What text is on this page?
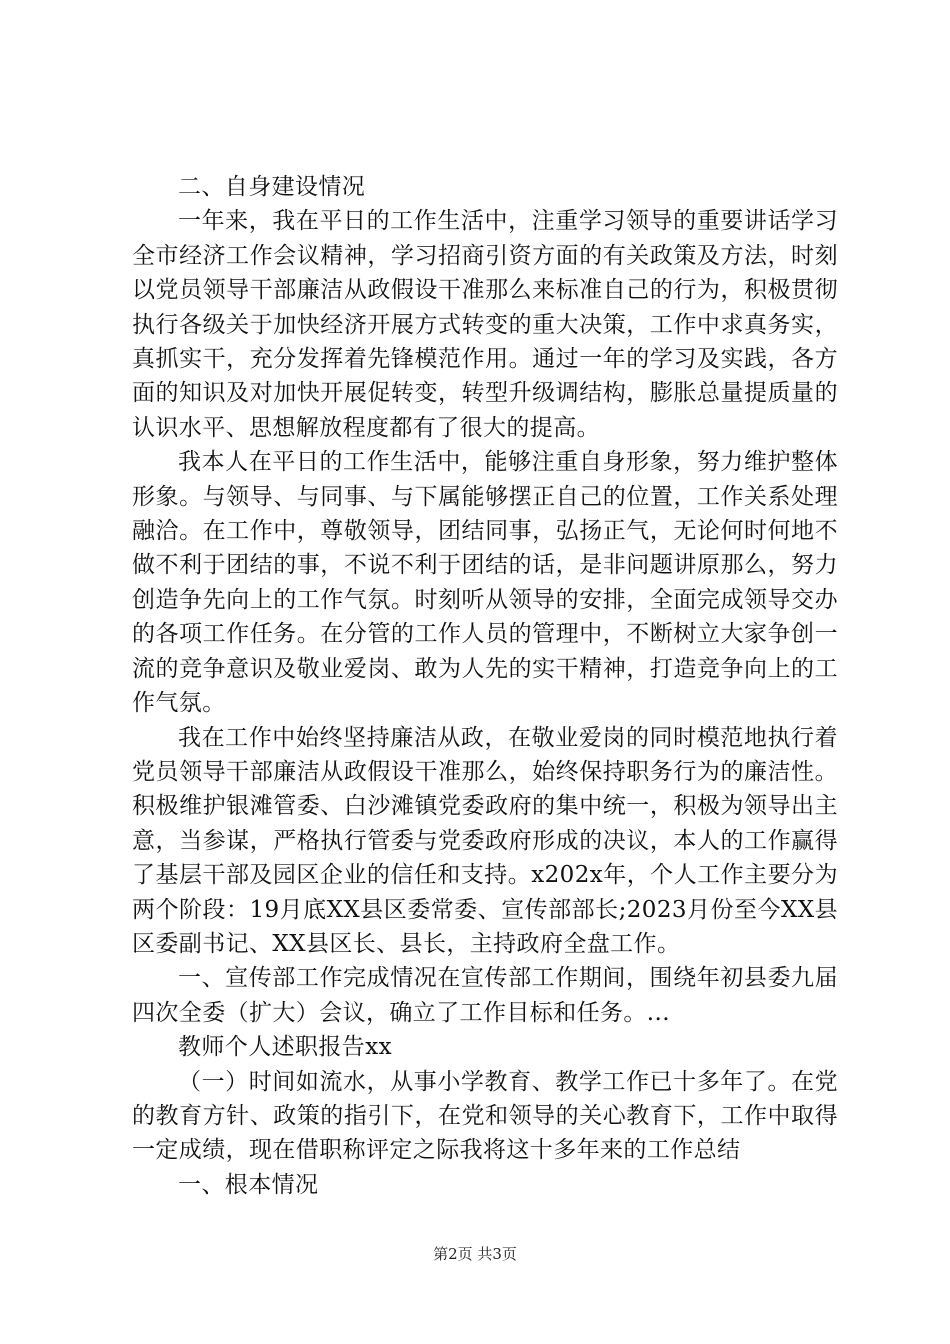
二、自身建设情况

一年来，我在平日的工作生活中，注重学习领导的重要讲话学习全市经济工作会议精神，学习招商引资方面的有关政策及方法，时刻以党员领导干部廉洁从政假设干准那么来标准自己的行为，积极贯彻执行各级关于加快经济开展方式转变的重大决策，工作中求真务实，真抓实干，充分发挥着先锋模范作用。通过一年的学习及实践，各方面的知识及对加快开展促转变，转型升级调结构，膨胀总量提质量的认识水平、思想解放程度都有了很大的提高。

我本人在平日的工作生活中，能够注重自身形象，努力维护整体形象。与领导、与同事、与下属能够摆正自己的位置，工作关系处理融洽。在工作中，尊敬领导，团结同事，弘扬正气，无论何时何地不做不利于团结的事，不说不利于团结的话，是非问题讲原那么，努力创造争先向上的工作气氛。时刻听从领导的安排，全面完成领导交办的各项工作任务。在分管的工作人员的管理中，不断树立大家争创一流的竞争意识及敬业爱岗、敢为人先的实干精神，打造竞争向上的工作气氛。

我在工作中始终坚持廉洁从政，在敬业爱岗的同时模范地执行着党员领导干部廉洁从政假设干准那么，始终保持职务行为的廉洁性。积极维护银滩管委、白沙滩镇党委政府的集中统一，积极为领导出主意，当参谋，严格执行管委与党委政府形成的决议，本人的工作赢得了基层干部及园区企业的信任和支持。x202x年，个人工作主要分为两个阶段：19月底XX县区委常委、宣传部部长;2023月份至今XX县区委副书记、XX县区长、县长，主持政府全盘工作。

一、宣传部工作完成情况在宣传部工作期间，围绕年初县委九届四次全委（扩大）会议，确立了工作目标和任务。...

教师个人述职报告xx

（一）时间如流水，从事小学教育、教学工作已十多年了。在党的教育方针、政策的指引下，在党和领导的关心教育下，工作中取得一定成绩，现在借职称评定之际我将这十多年来的工作总结

一、根本情况

第2页 共3页
